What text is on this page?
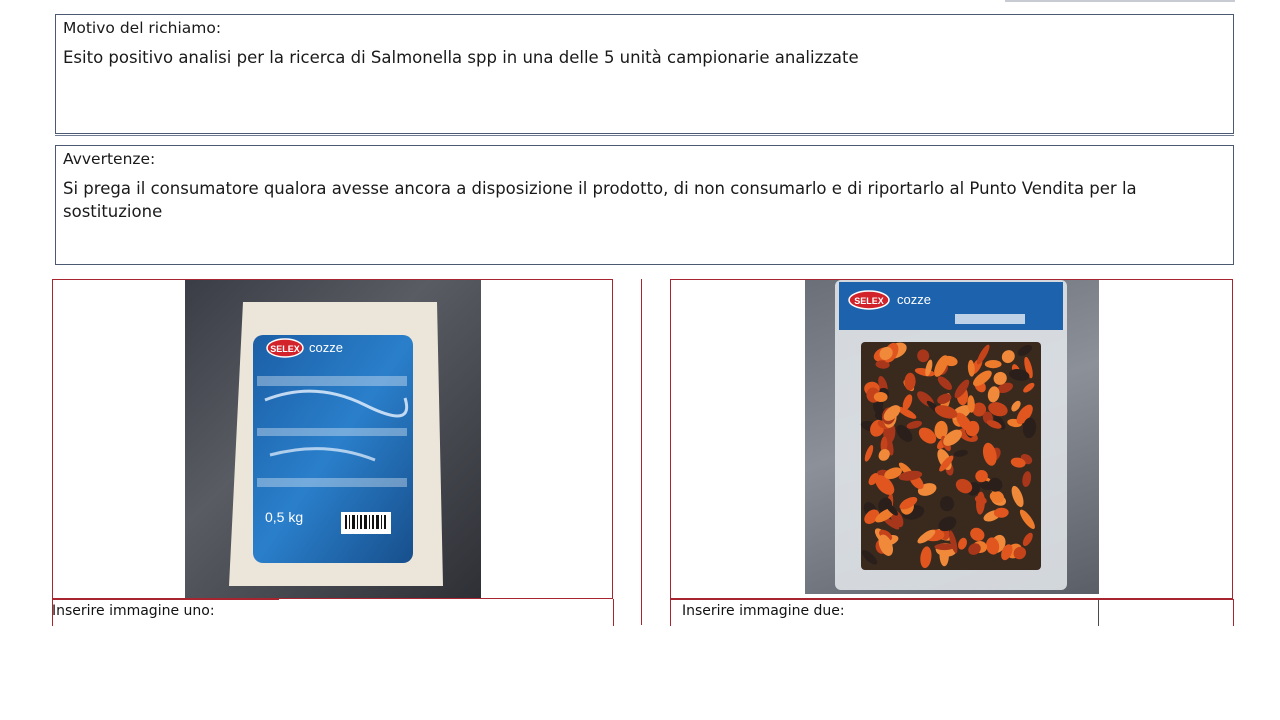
Motivo del richiamo:
Esito positivo analisi per la ricerca di Salmonella spp in una delle 5 unità campionarie analizzate
Avvertenze:
Si prega il consumatore qualora avesse ancora a disposizione il prodotto, di non consumarlo e di riportarlo al Punto Vendita per la sostituzione
Inserire immagine uno:	Inserire immagine due:
SELEX cozze
0,5 kg
SELEX cozze
